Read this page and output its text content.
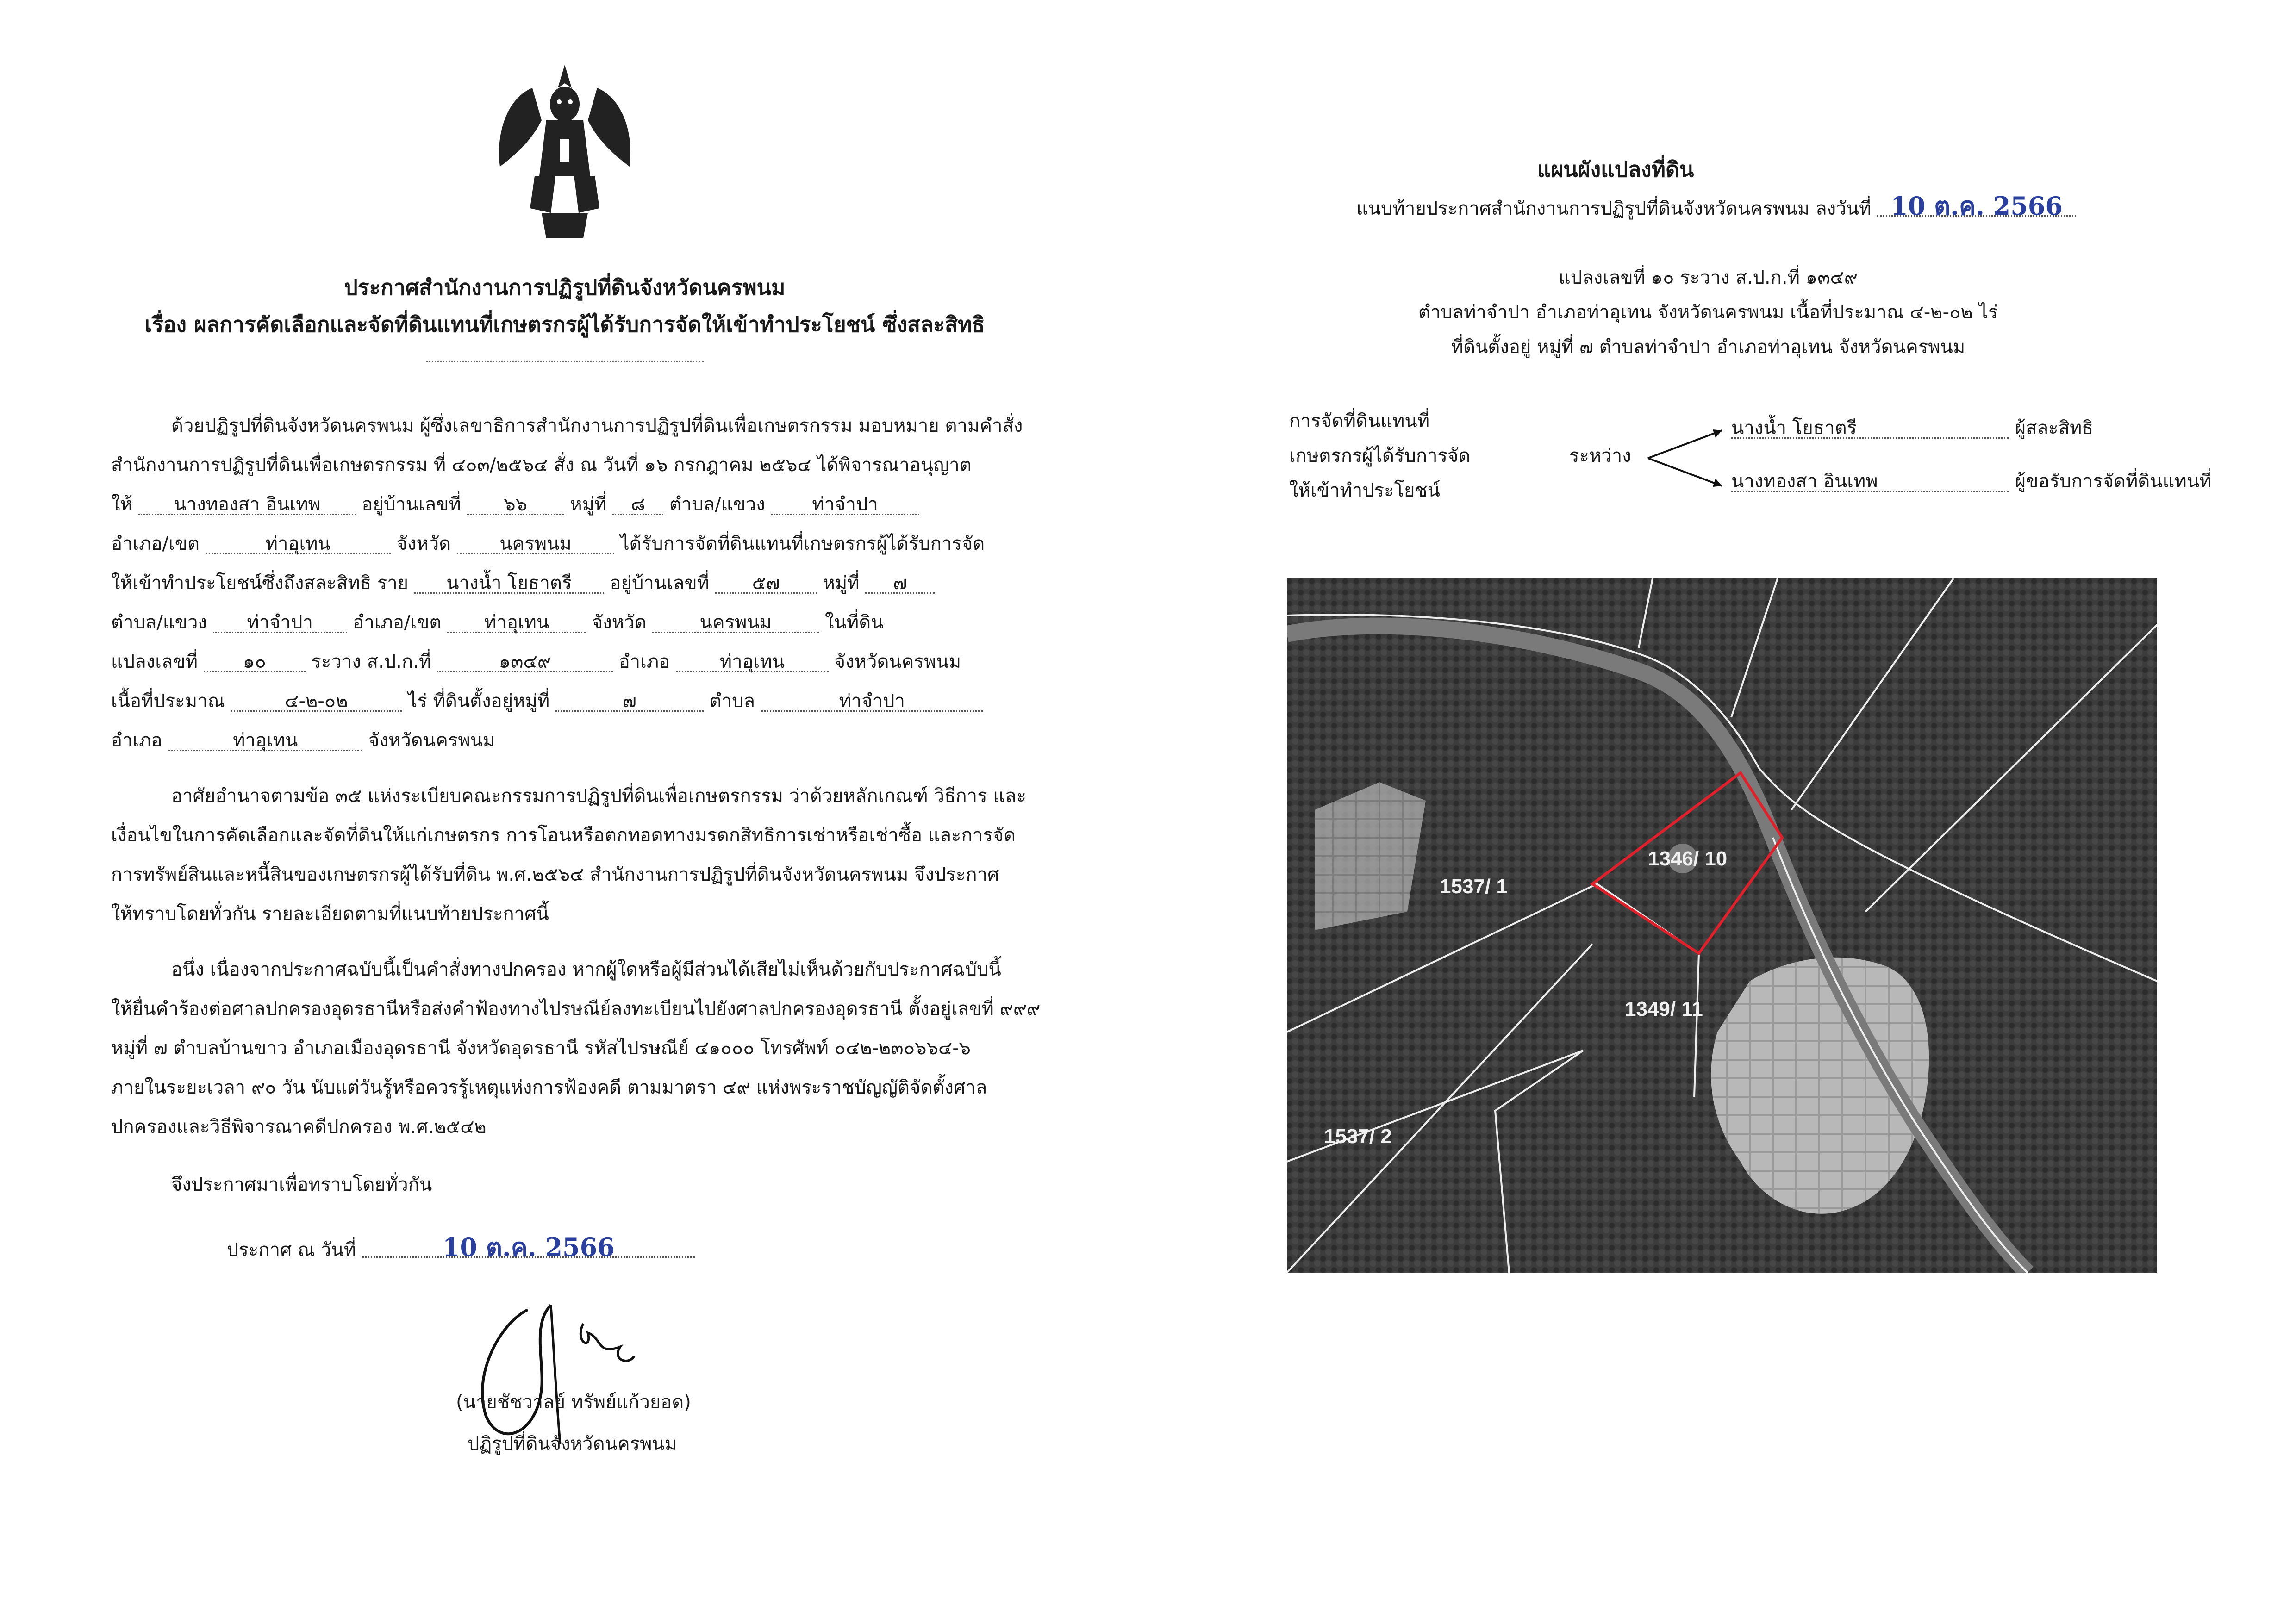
ประกาศสำนักงานการปฏิรูปที่ดินจังหวัดนครพนม
เรื่อง ผลการคัดเลือกและจัดที่ดินแทนที่เกษตรกรผู้ได้รับการจัดให้เข้าทำประโยชน์ ซึ่งสละสิทธิ
ด้วยปฏิรูปที่ดินจังหวัดนครพนม ผู้ซึ่งเลขาธิการสำนักงานการปฏิรูปที่ดินเพื่อเกษตรกรรม มอบหมาย ตามคำสั่ง
สำนักงานการปฏิรูปที่ดินเพื่อเกษตรกรรม ที่ ๔๐๓/๒๕๖๔ สั่ง ณ วันที่ ๑๖ กรกฎาคม ๒๕๖๔ ได้พิจารณาอนุญาต
ให้ นางทองสา อินเทพ อยู่บ้านเลขที่ ๖๖ หมู่ที่ ๘ ตำบล/แขวง	ท่าจำปา
อำเภอ/เขต	ท่าอุเทน	จังหวัด	นครพนม	ได้รับการจัดที่ดินแทนที่เกษตรกรผู้ได้รับการจัด
ให้เข้าทำประโยชน์ซึ่งถึงสละสิทธิ ราย นางน้ำ โยธาตรี อยู่บ้านเลขที่ ๕๗ หมู่ที่ ๗
ตำบล/แขวง ท่าจำปา อำเภอ/เขต ท่าอุเทน จังหวัด	นครพนม	ในที่ดิน
แปลงเลขที่ ๑๐ ระวาง ส.ป.ก.ที่	๑๓๔๙	อำเภอ	ท่าอุเทน	จังหวัดนครพนม
เนื้อที่ประมาณ	๔-๒-๐๒	ไร่ ที่ดินตั้งอยู่หมู่ที่	๗	ตำบล	ท่าจำปา
อำเภอ	ท่าอุเทน	จังหวัดนครพนม
อาศัยอำนาจตามข้อ ๓๕ แห่งระเบียบคณะกรรมการปฏิรูปที่ดินเพื่อเกษตรกรรม ว่าด้วยหลักเกณฑ์ วิธีการ และ
เงื่อนไขในการคัดเลือกและจัดที่ดินให้แก่เกษตรกร การโอนหรือตกทอดทางมรดกสิทธิการเช่าหรือเช่าซื้อ และการจัด
การทรัพย์สินและหนี้สินของเกษตรกรผู้ได้รับที่ดิน พ.ศ.๒๕๖๔ สำนักงานการปฏิรูปที่ดินจังหวัดนครพนม จึงประกาศ
ให้ทราบโดยทั่วกัน รายละเอียดตามที่แนบท้ายประกาศนี้
อนึ่ง เนื่องจากประกาศฉบับนี้เป็นคำสั่งทางปกครอง หากผู้ใดหรือผู้มีส่วนได้เสียไม่เห็นด้วยกับประกาศฉบับนี้
ให้ยื่นคำร้องต่อศาลปกครองอุดรธานีหรือส่งคำฟ้องทางไปรษณีย์ลงทะเบียนไปยังศาลปกครองอุดรธานี ตั้งอยู่เลขที่ ๙๙๙
หมู่ที่ ๗ ตำบลบ้านขาว อำเภอเมืองอุดรธานี จังหวัดอุดรธานี รหัสไปรษณีย์ ๔๑๐๐๐ โทรศัพท์ ๐๔๒-๒๓๐๖๖๔-๖
ภายในระยะเวลา ๙๐ วัน นับแต่วันรู้หรือควรรู้เหตุแห่งการฟ้องคดี ตามมาตรา ๔๙ แห่งพระราชบัญญัติจัดตั้งศาล
ปกครองและวิธีพิจารณาคดีปกครอง พ.ศ.๒๕๔๒
จึงประกาศมาเพื่อทราบโดยทั่วกัน
ประกาศ ณ วันที่	10 ต.ค. 2566
(นายชัชวาลย์ ทรัพย์แก้วยอด)
ปฏิรูปที่ดินจังหวัดนครพนม
แผนผังแปลงที่ดิน
แนบท้ายประกาศสำนักงานการปฏิรูปที่ดินจังหวัดนครพนม ลงวันที่ 10 ต.ค. 2566
แปลงเลขที่ ๑๐ ระวาง ส.ป.ก.ที่ ๑๓๔๙
ตำบลท่าจำปา อำเภอท่าอุเทน จังหวัดนครพนม เนื้อที่ประมาณ ๔-๒-๐๒ ไร่
ที่ดินตั้งอยู่ หมู่ที่ ๗ ตำบลท่าจำปา อำเภอท่าอุเทน จังหวัดนครพนม
การจัดที่ดินแทนที่
เกษตรกรผู้ได้รับการจัด
ให้เข้าทำประโยชน์
ระหว่าง
นางน้ำ โยธาตรี	ผู้สละสิทธิ
นางทองสา อินเทพ	ผู้ขอรับการจัดที่ดินแทนที่
1346/ 10
1537/ 1
1349/ 11
1537/ 2
